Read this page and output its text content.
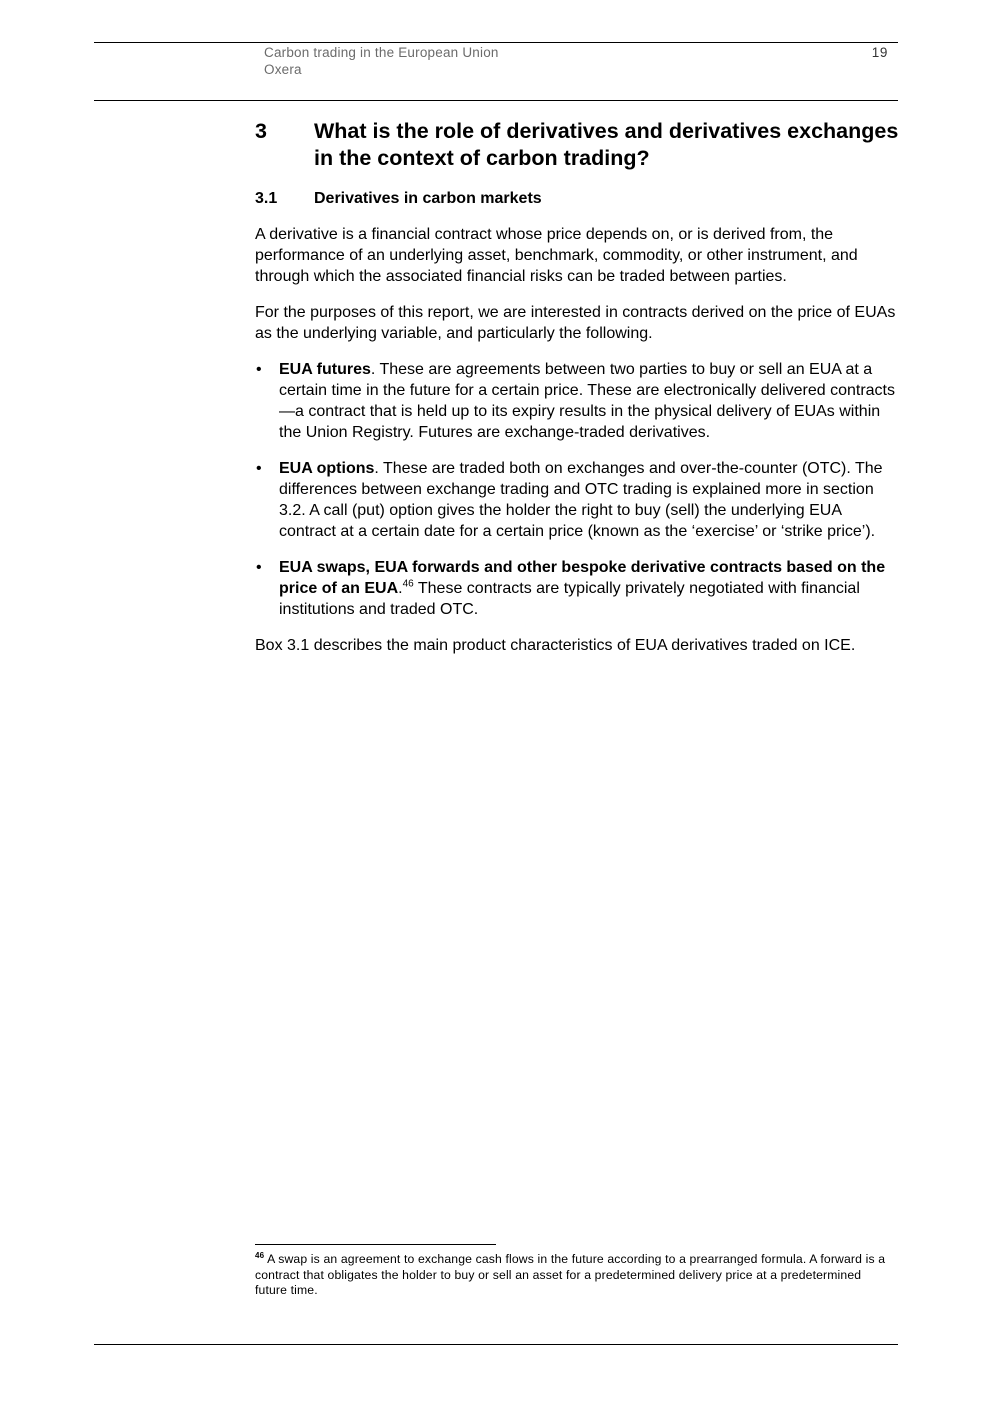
Carbon trading in the European Union
Oxera
19
3	What is the role of derivatives and derivatives exchanges in the context of carbon trading?
3.1	Derivatives in carbon markets

A derivative is a financial contract whose price depends on, or is derived from, the performance of an underlying asset, benchmark, commodity, or other instrument, and through which the associated financial risks can be traded between parties.

For the purposes of this report, we are interested in contracts derived on the price of EUAs as the underlying variable, and particularly the following.

• EUA futures. These are agreements between two parties to buy or sell an EUA at a certain time in the future for a certain price. These are electronically delivered contracts—a contract that is held up to its expiry results in the physical delivery of EUAs within the Union Registry. Futures are exchange-traded derivatives.
• EUA options. These are traded both on exchanges and over-the-counter (OTC). The differences between exchange trading and OTC trading is explained more in section 3.2. A call (put) option gives the holder the right to buy (sell) the underlying EUA contract at a certain date for a certain price (known as the ‘exercise’ or ‘strike price’).
• EUA swaps, EUA forwards and other bespoke derivative contracts based on the price of an EUA.$^{46}$ These contracts are typically privately negotiated with financial institutions and traded OTC.

Box 3.1 describes the main product characteristics of EUA derivatives traded on ICE.

$^{46}$ A swap is an agreement to exchange cash flows in the future according to a prearranged formula. A forward is a contract that obligates the holder to buy or sell an asset for a predetermined delivery price at a predetermined future time.
